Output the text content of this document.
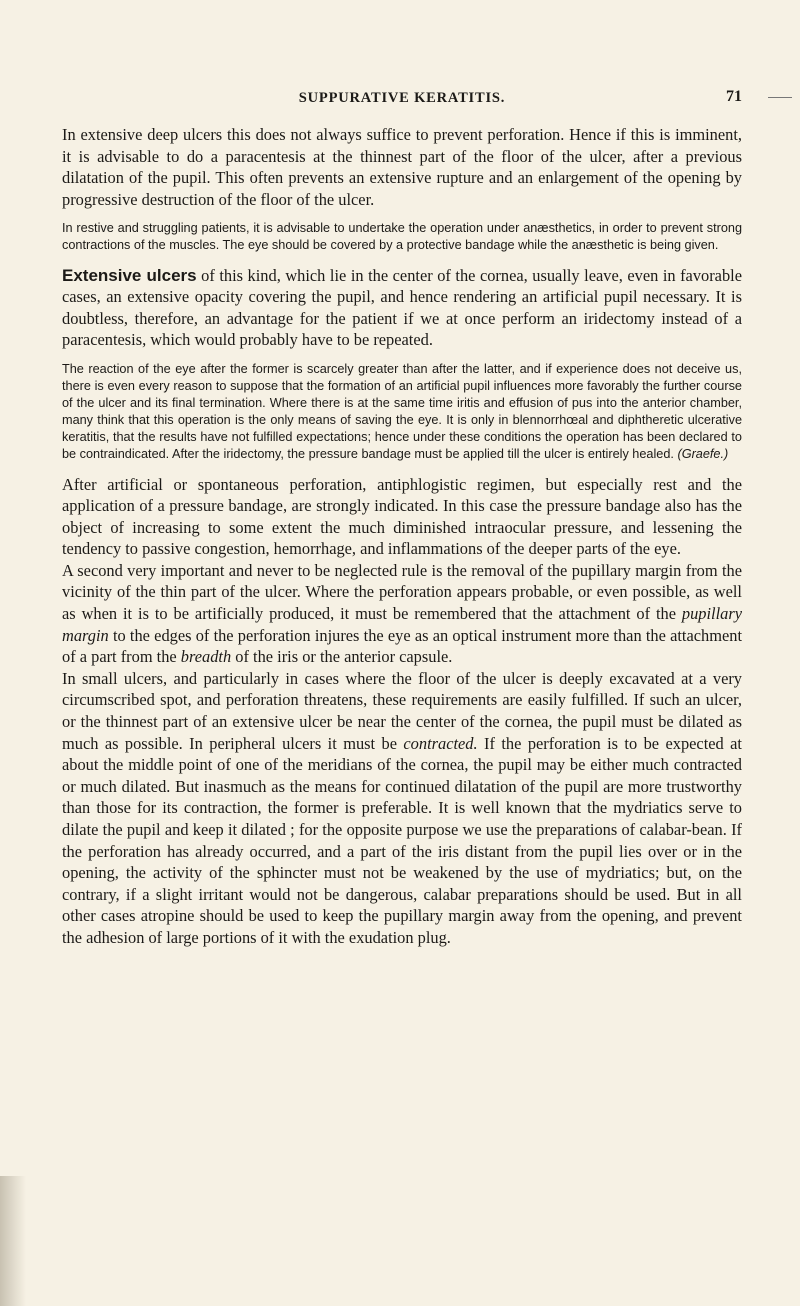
SUPPURATIVE KERATITIS.	71

In extensive deep ulcers this does not always suffice to prevent perforation. Hence if this is imminent, it is advisable to do a paracentesis at the thinnest part of the floor of the ulcer, after a previous dilatation of the pupil. This often prevents an extensive rupture and an enlargement of the opening by progressive destruction of the floor of the ulcer.

In restive and struggling patients, it is advisable to undertake the operation under anæsthetics, in order to prevent strong contractions of the muscles. The eye should be covered by a protective bandage while the anæsthetic is being given.

Extensive ulcers of this kind, which lie in the center of the cornea, usually leave, even in favorable cases, an extensive opacity covering the pupil, and hence rendering an artificial pupil necessary. It is doubtless, therefore, an advantage for the patient if we at once perform an iridectomy instead of a paracentesis, which would probably have to be repeated.

The reaction of the eye after the former is scarcely greater than after the latter, and if experience does not deceive us, there is even every reason to suppose that the formation of an artificial pupil influences more favorably the further course of the ulcer and its final termination. Where there is at the same time iritis and effusion of pus into the anterior chamber, many think that this operation is the only means of saving the eye. It is only in blennorrhœal and diphtheretic ulcerative keratitis, that the results have not fulfilled expectations; hence under these conditions the operation has been declared to be contraindicated. After the iridectomy, the pressure bandage must be applied till the ulcer is entirely healed. (Graefe.)

After artificial or spontaneous perforation, antiphlogistic regimen, but especially rest and the application of a pressure bandage, are strongly indicated. In this case the pressure bandage also has the object of increasing to some extent the much diminished intraocular pressure, and lessening the tendency to passive congestion, hemorrhage, and inflammations of the deeper parts of the eye.

A second very important and never to be neglected rule is the removal of the pupillary margin from the vicinity of the thin part of the ulcer. Where the perforation appears probable, or even possible, as well as when it is to be artificially produced, it must be remembered that the attachment of the pupillary margin to the edges of the perforation injures the eye as an optical instrument more than the attachment of a part from the breadth of the iris or the anterior capsule.

In small ulcers, and particularly in cases where the floor of the ulcer is deeply excavated at a very circumscribed spot, and perforation threatens, these requirements are easily fulfilled. If such an ulcer, or the thinnest part of an extensive ulcer be near the center of the cornea, the pupil must be dilated as much as possible. In peripheral ulcers it must be contracted. If the perforation is to be expected at about the middle point of one of the meridians of the cornea, the pupil may be either much contracted or much dilated. But inasmuch as the means for continued dilatation of the pupil are more trustworthy than those for its contraction, the former is preferable. It is well known that the mydriatics serve to dilate the pupil and keep it dilated ; for the opposite purpose we use the preparations of calabar-bean. If the perforation has already occurred, and a part of the iris distant from the pupil lies over or in the opening, the activity of the sphincter must not be weakened by the use of mydriatics; but, on the contrary, if a slight irritant would not be dangerous, calabar preparations should be used. But in all other cases atropine should be used to keep the pupillary margin away from the opening, and prevent the adhesion of large portions of it with the exudation plug.
